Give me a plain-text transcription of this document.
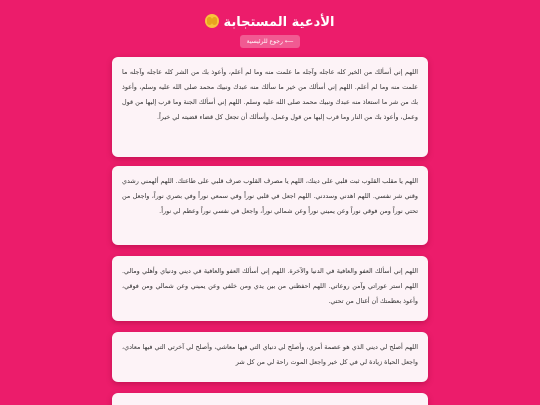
الأدعية المستجابة
⟵ رجوع للرئيسية

اللهم إني أسألك من الخير كله عاجله وآجله ما علمت منه وما لم أعلم، وأعوذ بك من الشر كله عاجله وآجله ما علمت منه وما لم أعلم. اللهم إني أسألك من خير ما سألك منه عبدك ونبيك محمد صلى الله عليه وسلم، وأعوذ بك من شر ما استعاذ منه عبدك ونبيك محمد صلى الله عليه وسلم. اللهم إني أسألك الجنة وما قرب إليها من قول وعمل، وأعوذ بك من النار وما قرب إليها من قول وعمل، وأسألك أن تجعل كل قضاء قضيته لي خيراً.

اللهم يا مقلب القلوب ثبت قلبي على دينك، اللهم يا مصرف القلوب صرف قلبي على طاعتك. اللهم ألهمني رشدي وقني شر نفسي. اللهم اهدني وسددني. اللهم اجعل في قلبي نوراً وفي سمعي نوراً وفي بصري نوراً، واجعل من تحتي نوراً ومن فوقي نوراً وعن يميني نوراً وعن شمالي نوراً، واجعل في نفسي نوراً وعظم لي نوراً.

اللهم إني أسألك العفو والعافية في الدنيا والآخرة. اللهم إني أسألك العفو والعافية في ديني ودنياي وأهلي ومالي. اللهم استر عوراتي وآمن روعاتي. اللهم احفظني من بين يدي ومن خلفي وعن يميني وعن شمالي ومن فوقي، وأعوذ بعظمتك أن أغتال من تحتي.

اللهم أصلح لي ديني الذي هو عصمة أمري، وأصلح لي دنياي التي فيها معاشي، وأصلح لي آخرتي التي فيها معادي، واجعل الحياة زيادة لي في كل خير واجعل الموت راحة لي من كل شر
